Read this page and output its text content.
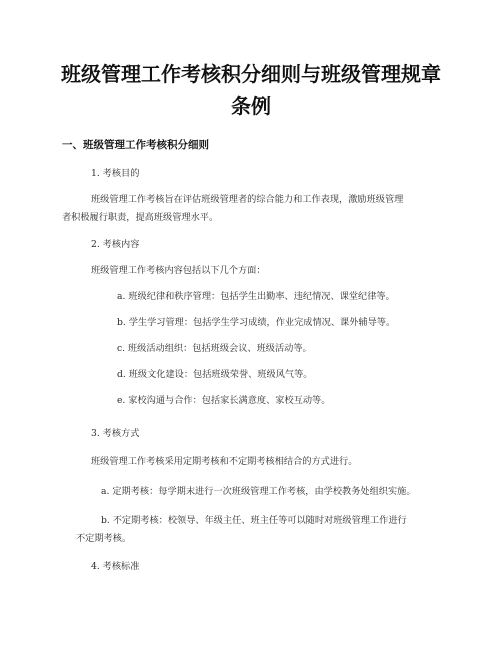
班级管理工作考核积分细则与班级管理规章
条例
一、班级管理工作考核积分细则
1. 考核目的
班级管理工作考核旨在评估班级管理者的综合能力和工作表现，激励班级管理
者积极履行职责，提高班级管理水平。
2. 考核内容
班级管理工作考核内容包括以下几个方面：
a. 班级纪律和秩序管理：包括学生出勤率、违纪情况、课堂纪律等。
b. 学生学习管理：包括学生学习成绩，作业完成情况、课外辅导等。
c. 班级活动组织：包括班级会议、班级活动等。
d. 班级文化建设：包括班级荣誉、班级风气等。
e. 家校沟通与合作：包括家长满意度、家校互动等。
3. 考核方式
班级管理工作考核采用定期考核和不定期考核相结合的方式进行。
a. 定期考核：每学期末进行一次班级管理工作考核，由学校教务处组织实施。
b. 不定期考核：校领导、年级主任、班主任等可以随时对班级管理工作进行
不定期考核。
4. 考核标准
